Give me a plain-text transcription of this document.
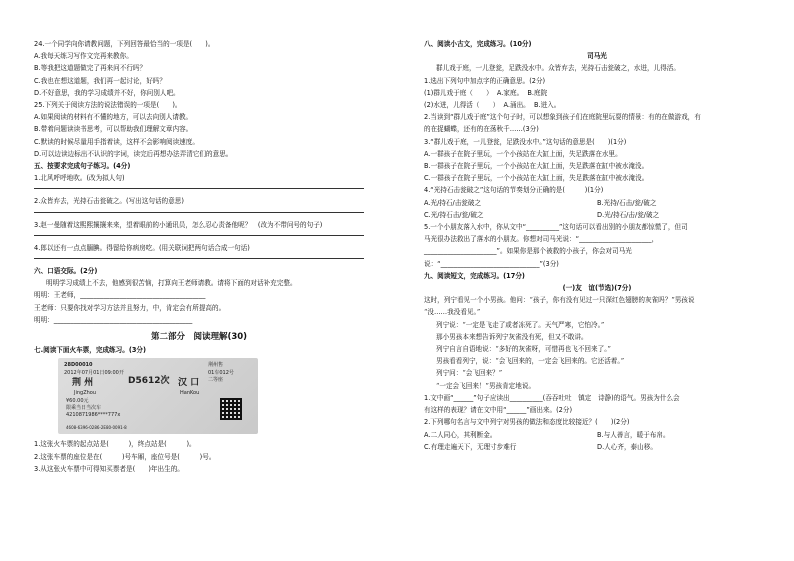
24.一个同学向你请教问题，下列回答最恰当的一项是(　　)。
A.我每天练习写作文完再来教你。
B.等我把这道题做完了再来问不行吗？
C.我也在想这道题，我们再一起讨论，好吗？
D.不好意思，我的学习成绩并不好，你问别人吧。
25.下列关于阅读方法的说法错误的一项是(　　)。
A.如果阅读的材料有不懂的地方，可以去向别人请教。
B.带着问题读读书思考，可以帮助我们理解文章内容。
C.默读的时候尽量用手指着读，这样不会影响阅读速度。
D.可以边读边标出不认识的字词，读完后再想办法弄清它们的意思。
五、按要求完成句子练习。(4分)
1.北风呼呼地吹。(改为拟人句)
2.众皆弃去，光持石击瓮破之。(写出这句话的意思)
3.赵一曼随着这熙熙攘攘来来，望着眼前的小通讯员，怎么忍心责备他呢？　(改为不带问号的句子)
4.郎以还有一点点腼腆。得留给你病房吃。(用关联词把两句话合成一句话)
六、口语交际。(2分)
明明学习成绩上不去，他感到很苦恼，打算向王老师请教。请将下面的对话补充完整。
明明：王老师，______________________________________
王老师：只要你找对学习方法并且努力，中，肯定会有所提高的。
明明：__________________________________________
第二部分　阅读理解(30)
七.阅读下面火车票，完成练习。(3分)
28D00010	荆州售
2012年07月01日09:00开	01车012号
二等座
荆 州	D5612次 汉 口
JingZhou	HanKou
¥60.00元
限乘当日当次车
4210871986****777x
4608-6396-0286-2E80-0091-8
1.这张火车票的起点站是(　　　)，终点站是(　　　)。
2.这张车票的座位是在(　　　)号车厢，座位号是(　　　)号。
3.从这张火车票中可得知买票者是(　　)年出生的。
八、阅读小古文，完成练习。(10分)
司马光
群儿戏于庭，一儿登瓮，足跌没水中。众皆弃去，光持石击瓮破之，水迸，儿得活。
1.选出下列句中加点字的正确意思。(2分)
(1)群儿戏于庭（　　） A.家庭。 B.庭院
(2)水迸，儿得活（　　） A.涌出。 B.迸入。
2.当读到“群儿戏于庭”这个句子时，可以想象到孩子们在庭院里玩耍的情景：有的在做游戏，有
的在捉蝴蝶，还有的在荡秋千……(3分)
3.“群儿戏于庭，一儿登瓮，足跌没水中。”这句话的意思是(　　)(1分)
A.一群孩子在院子里玩，一个小孩站在大缸上面，失足跌落在水里。
B.一群孩子在院子里玩，一个小孩站在大缸上面，失足跌落在缸中被水淹没。
C.一群孩子在院子里玩，一个小孩站在大缸上面，失足跌落在缸中被水淹没。
4.“光持石击瓮破之”这句话的节奏划分正确的是(　　　)(1分)
A.光/持石/击瓮破之	B.光持/石击/瓮/破之
C.光/持石击/瓮/破之	D.光/持石/击/瓮/破之
5.一个小朋友落入水中，你从文中“__________”这句话可以看出别的小朋友都惊慌了，但司
马光很办法救出了落水的小朋友。你想对司马光说：“______________________，
______________________”。如果你是那个被救的小孩子，你会对司马光
说：“______________________________”(3分)
九、阅读短文，完成练习。(17分)
(一)友　谊(节选)(7分)
这时，列宁看见一个小男孩。他问：“孩子，你有没有见过一只深红色翅膀的灰雀吗？”男孩说
“没……我没看见。”
列宁说：“一定是飞走了或者冻死了。天气严寒，它怕冷。”
那小男孩本来想告诉列宁灰雀没有死，但又不敢讲。
列宁自言自语地说：“多好的灰雀呀，可惜再也飞不回来了。”
男孩看看列宁，说：“会飞回来的，一定会飞回来的。它还活着。”
列宁问：“会飞回来？”
“一定会飞回来！”男孩肯定地说。
1.文中画“______”句子应读出__________(吞吞吐吐　镇定　诗静)的语气。男孩为什么会
有这样的表现？请在文中用“______”画出来。(2分)
2.下列哪句名言与文中列宁对男孩的做法和态度比较接近？(　　)(2分)
A.二人同心，其利断金。	B.与人善言，暖于布帛。
C.有理走遍天下，无理寸步难行	D.人心齐，泰山移。
